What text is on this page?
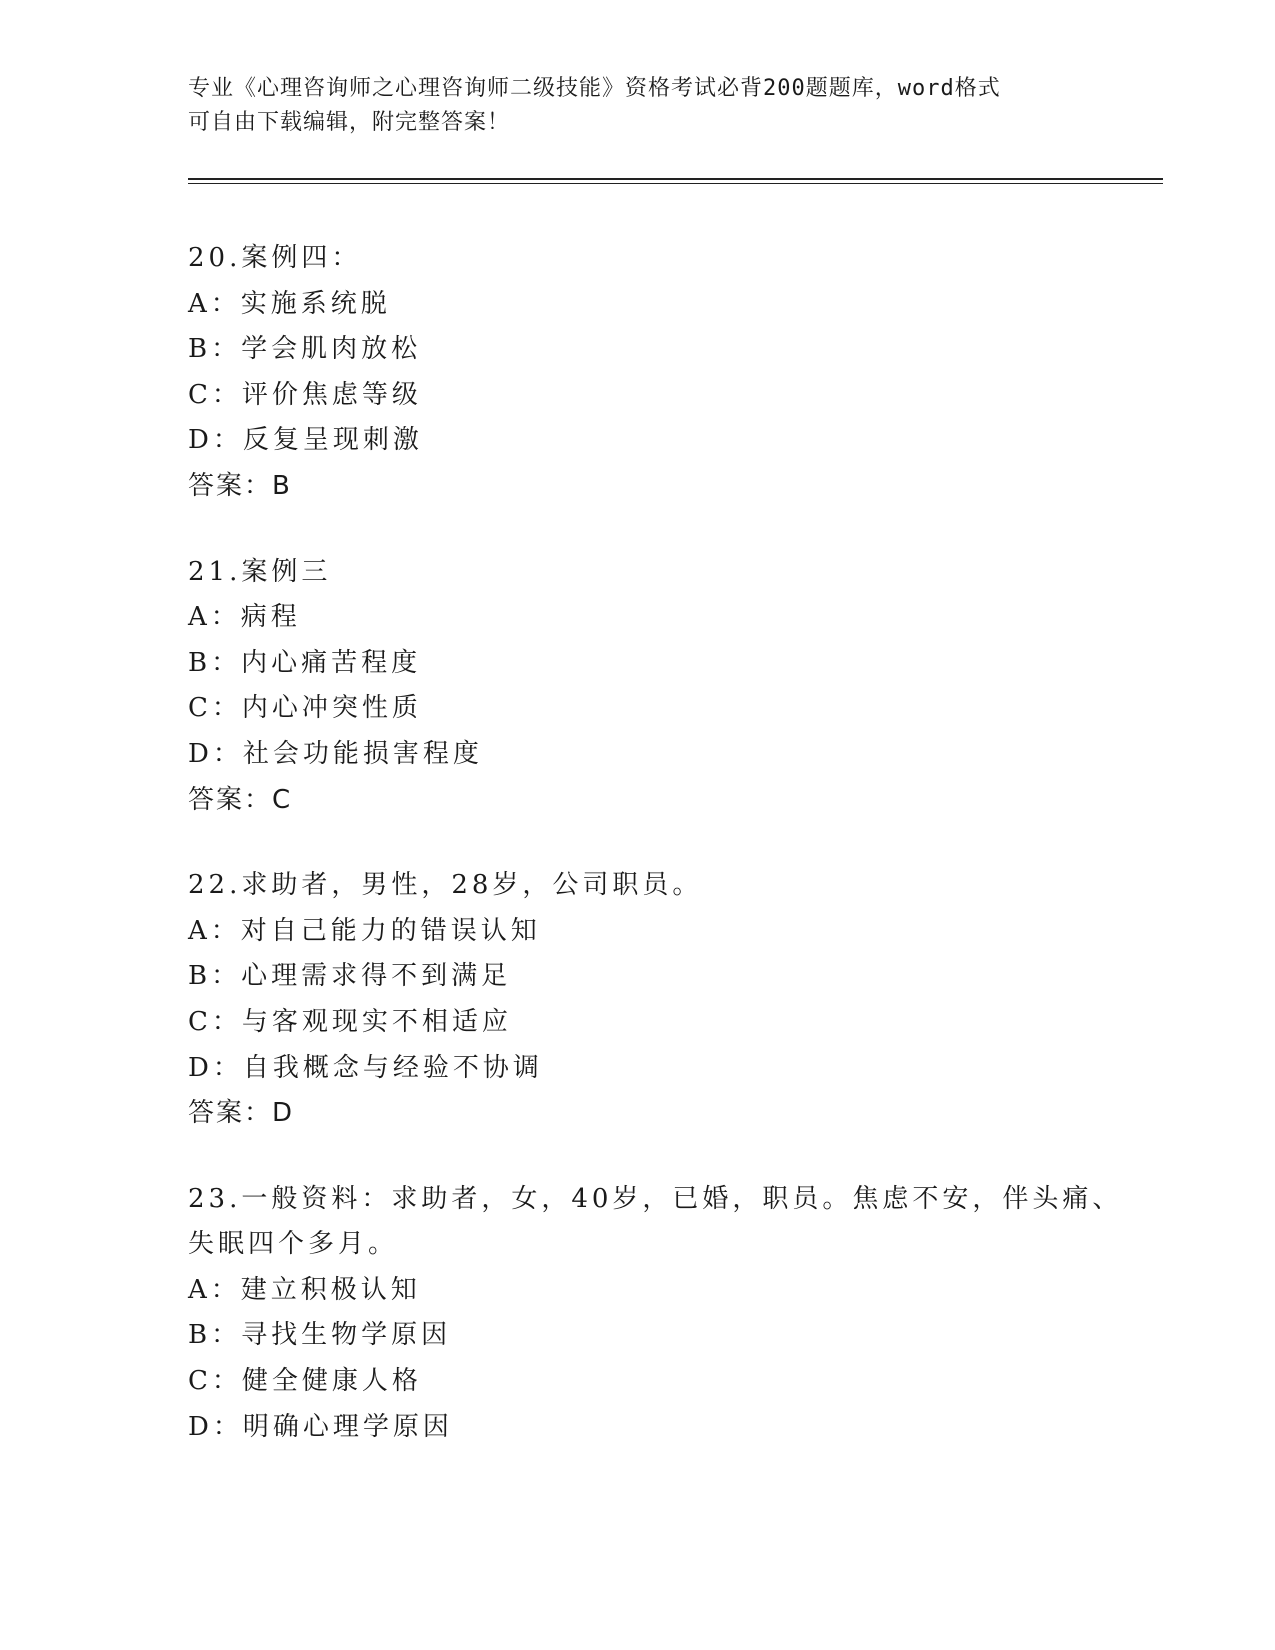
专业《心理咨询师之心理咨询师二级技能》资格考试必背200题题库，word格式
可自由下载编辑，附完整答案！
20.案例四：
A：实施系统脱
B：学会肌肉放松
C：评价焦虑等级
D：反复呈现刺激
答案：B
21.案例三
A：病程
B：内心痛苦程度
C：内心冲突性质
D：社会功能损害程度
答案：C
22.求助者，男性，28岁，公司职员。
A：对自己能力的错误认知
B：心理需求得不到满足
C：与客观现实不相适应
D：自我概念与经验不协调
答案：D
23.一般资料：求助者，女，40岁，已婚，职员。焦虑不安，伴头痛、
失眠四个多月。
A：建立积极认知
B：寻找生物学原因
C：健全健康人格
D：明确心理学原因
